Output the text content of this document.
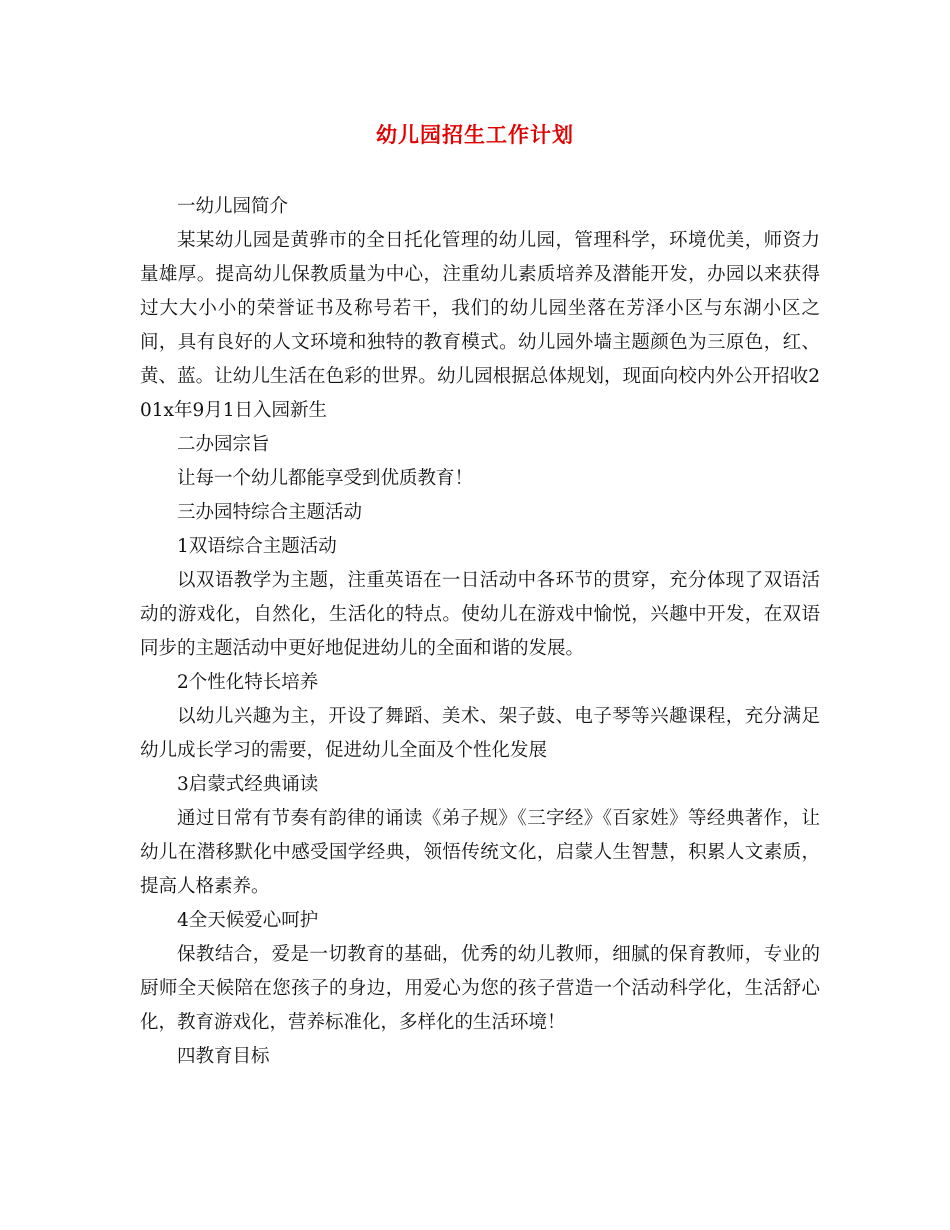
幼儿园招生工作计划

一幼儿园简介

某某幼儿园是黄骅市的全日托化管理的幼儿园，管理科学，环境优美，师资力量雄厚。提高幼儿保教质量为中心，注重幼儿素质培养及潜能开发，办园以来获得过大大小小的荣誉证书及称号若干，我们的幼儿园坐落在芳泽小区与东湖小区之间，具有良好的人文环境和独特的教育模式。幼儿园外墙主题颜色为三原色，红、黄、蓝。让幼儿生活在色彩的世界。幼儿园根据总体规划，现面向校内外公开招收201x年9月1日入园新生

二办园宗旨

让每一个幼儿都能享受到优质教育！

三办园特综合主题活动

1双语综合主题活动

以双语教学为主题，注重英语在一日活动中各环节的贯穿，充分体现了双语活动的游戏化，自然化，生活化的特点。使幼儿在游戏中愉悦，兴趣中开发，在双语同步的主题活动中更好地促进幼儿的全面和谐的发展。

2个性化特长培养

以幼儿兴趣为主，开设了舞蹈、美术、架子鼓、电子琴等兴趣课程，充分满足幼儿成长学习的需要，促进幼儿全面及个性化发展

3启蒙式经典诵读

通过日常有节奏有韵律的诵读《弟子规》《三字经》《百家姓》等经典著作，让幼儿在潜移默化中感受国学经典，领悟传统文化，启蒙人生智慧，积累人文素质，提高人格素养。

4全天候爱心呵护

保教结合，爱是一切教育的基础，优秀的幼儿教师，细腻的保育教师，专业的厨师全天候陪在您孩子的身边，用爱心为您的孩子营造一个活动科学化，生活舒心化，教育游戏化，营养标准化，多样化的生活环境！

四教育目标
